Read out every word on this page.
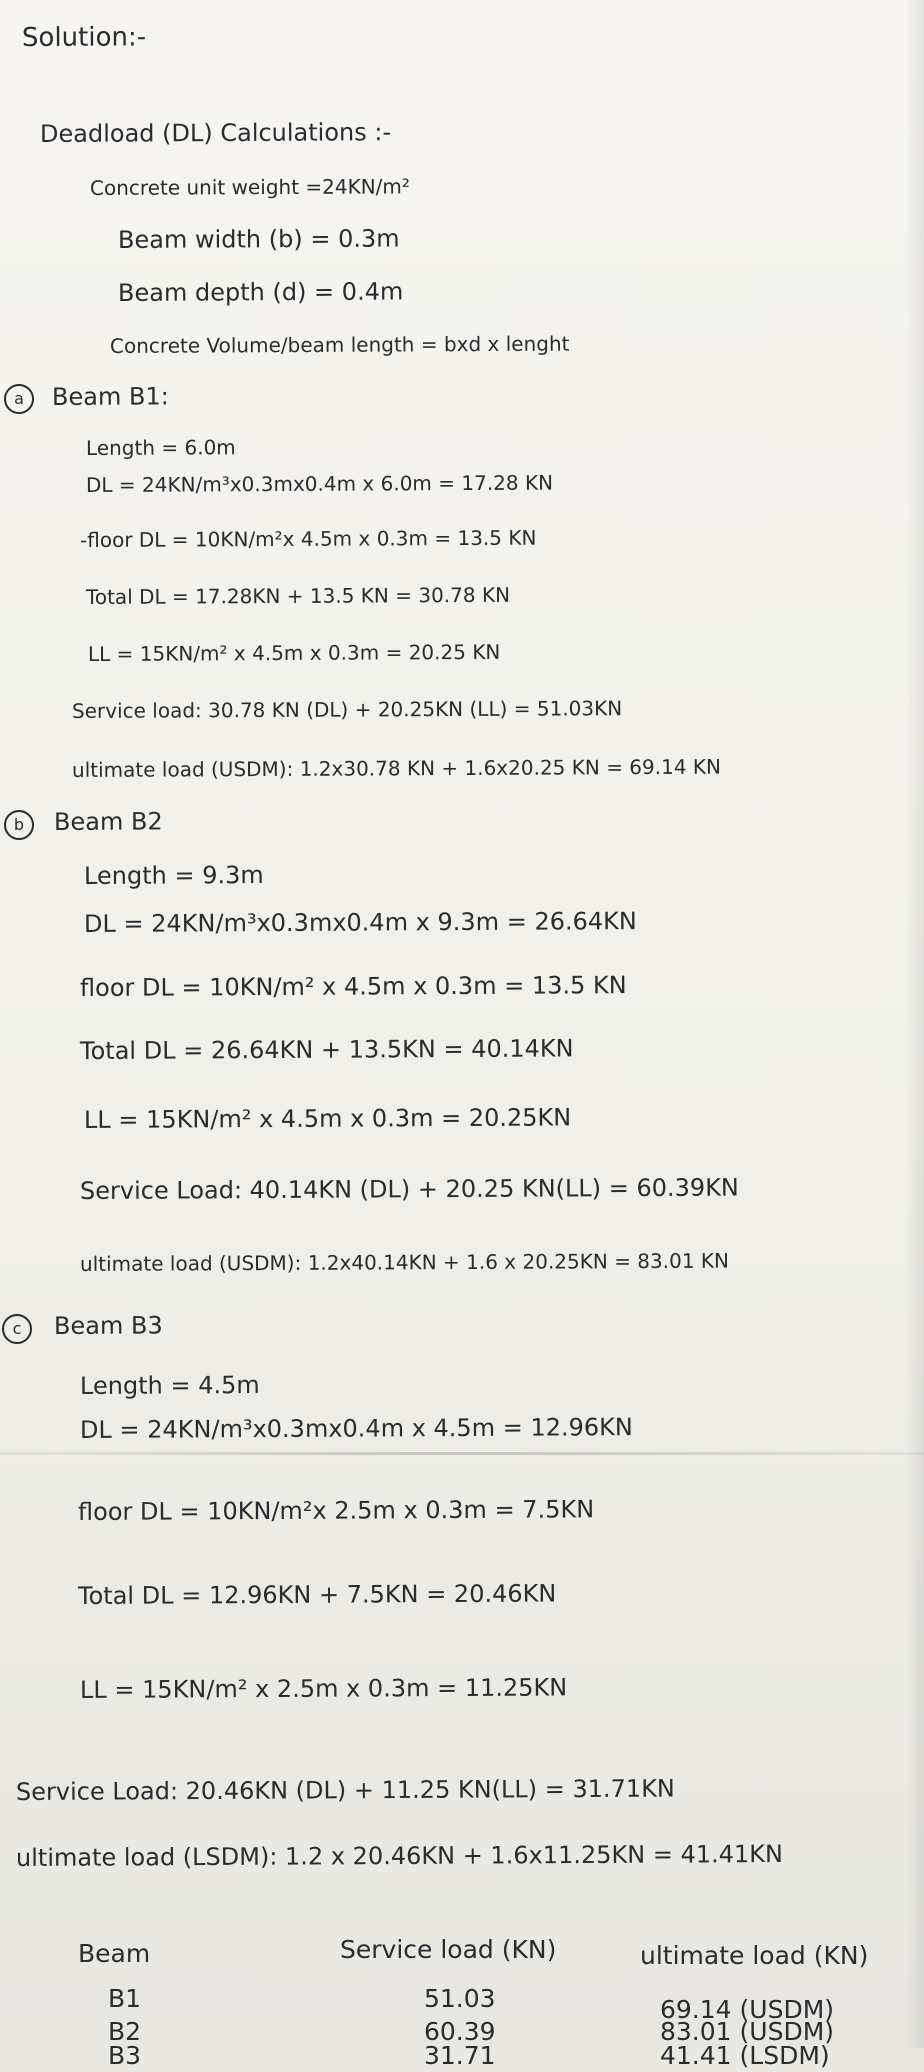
Solution:-
Deadload (DL) Calculations :-
Concrete unit weight =24KN/m²
Beam width (b) = 0.3m
Beam depth (d) = 0.4m
Concrete Volume/beam length = bxd x lenght
a	Beam B1:
Length = 6.0m
DL = 24KN/m³x0.3mx0.4m x 6.0m = 17.28 KN
-floor DL = 10KN/m²x 4.5m x 0.3m = 13.5 KN
Total DL = 17.28KN + 13.5 KN = 30.78 KN
LL = 15KN/m² x 4.5m x 0.3m = 20.25 KN
Service load: 30.78 KN (DL) + 20.25KN (LL) = 51.03KN
ultimate load (USDM): 1.2x30.78 KN + 1.6x20.25 KN = 69.14 KN
b	Beam B2
Length = 9.3m
DL = 24KN/m³x0.3mx0.4m x 9.3m = 26.64KN
floor DL = 10KN/m² x 4.5m x 0.3m = 13.5 KN
Total DL = 26.64KN + 13.5KN = 40.14KN
LL = 15KN/m² x 4.5m x 0.3m = 20.25KN
Service Load: 40.14KN (DL) + 20.25 KN(LL) = 60.39KN
ultimate load (USDM): 1.2x40.14KN + 1.6 x 20.25KN = 83.01 KN
c	Beam B3
Length = 4.5m
DL = 24KN/m³x0.3mx0.4m x 4.5m = 12.96KN
floor DL = 10KN/m²x 2.5m x 0.3m = 7.5KN
Total DL = 12.96KN + 7.5KN = 20.46KN
LL = 15KN/m² x 2.5m x 0.3m = 11.25KN
Service Load: 20.46KN (DL) + 11.25 KN(LL) = 31.71KN
ultimate load (LSDM): 1.2 x 20.46KN + 1.6x11.25KN = 41.41KN
Beam	Service load (KN)	ultimate load (KN)
B1	51.03	69.14 (USDM)
B2	60.39	83.01 (USDM)
B3	31.71	41.41 (LSDM)
